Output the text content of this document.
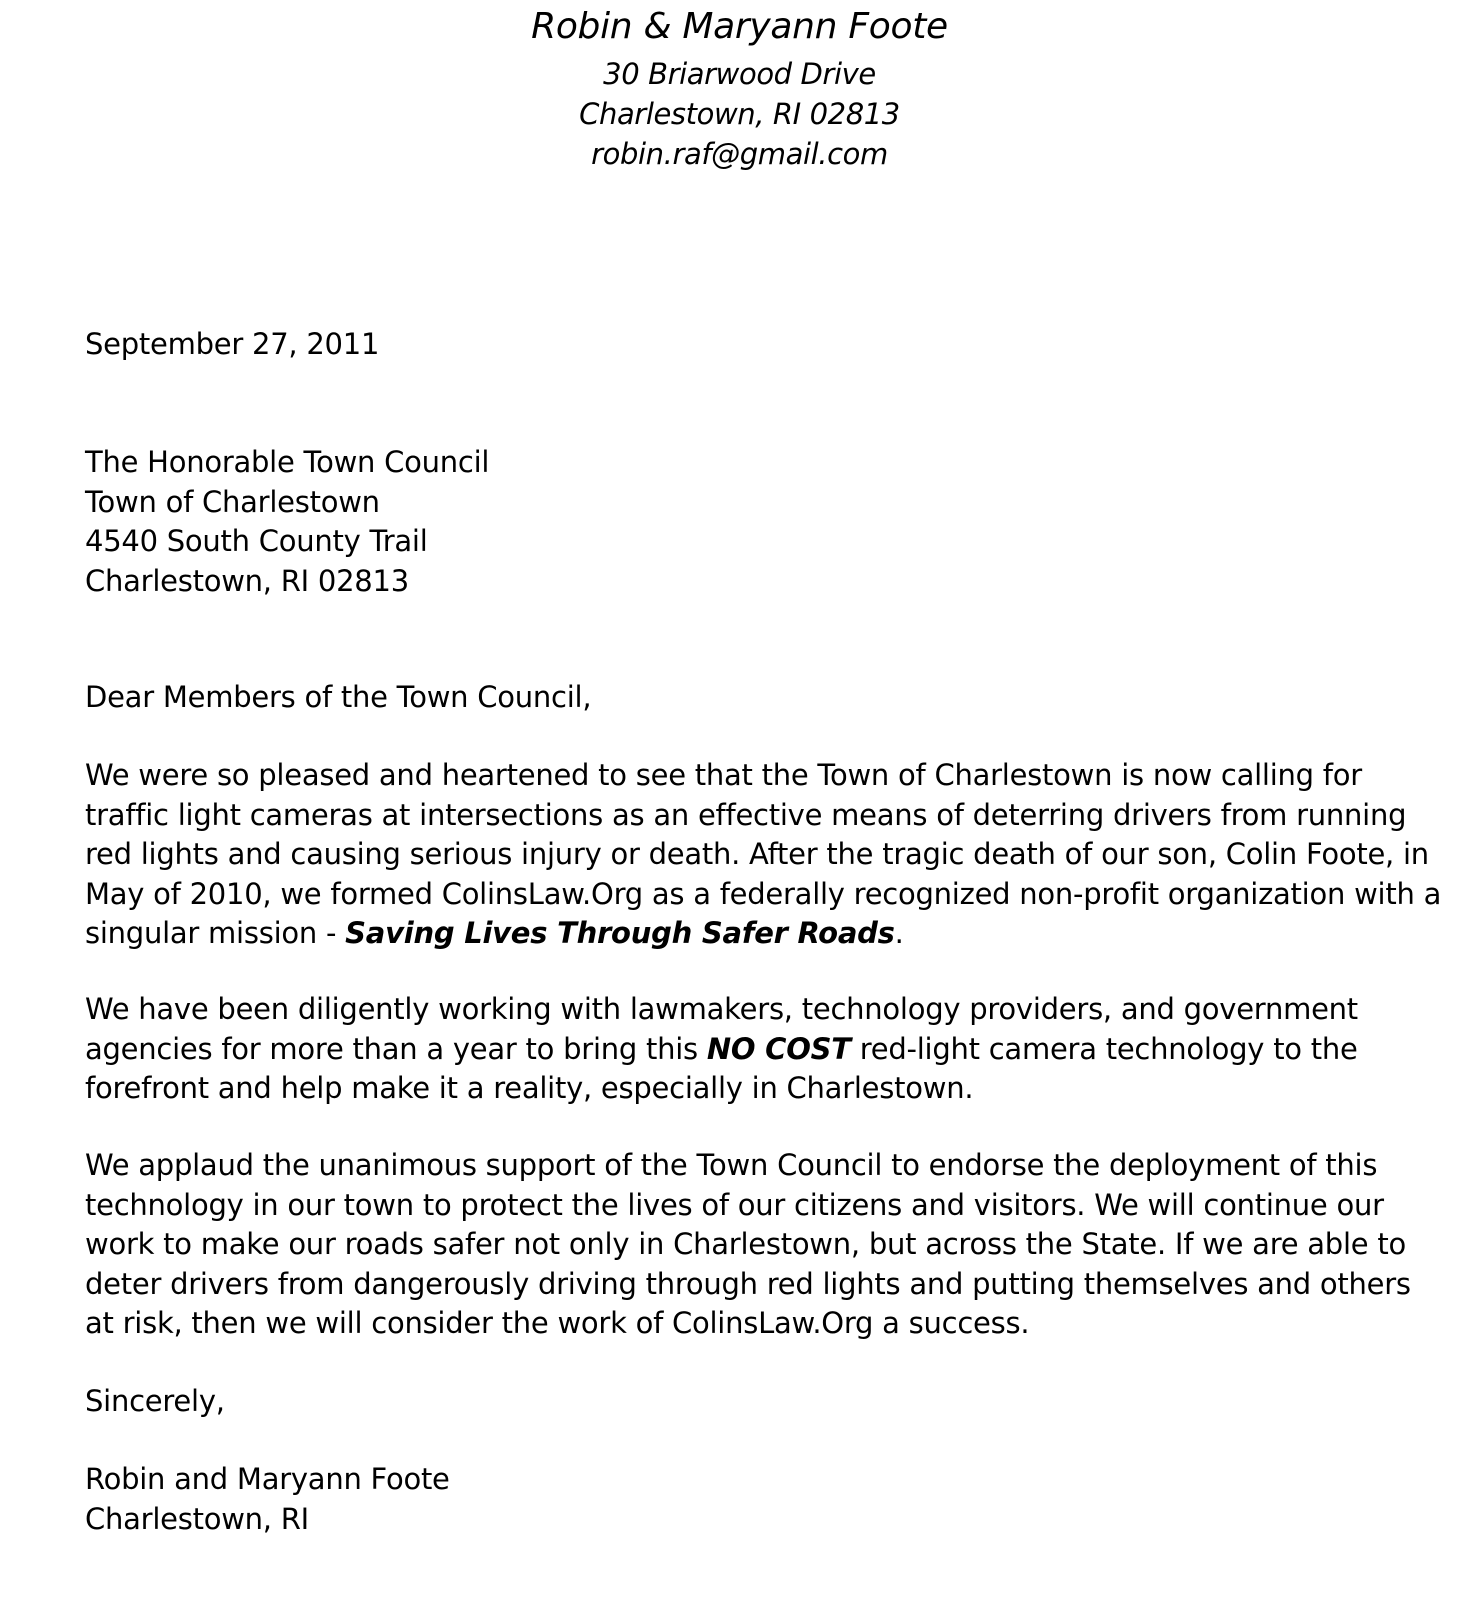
Robin & Maryann Foote
30 Briarwood Drive
Charlestown, RI 02813
robin.raf@gmail.com
September 27, 2011
The Honorable Town Council
Town of Charlestown
4540 South County Trail
Charlestown, RI 02813
Dear Members of the Town Council,
We were so pleased and heartened to see that the Town of Charlestown is now calling for traffic light cameras at intersections as an effective means of deterring drivers from running red lights and causing serious injury or death. After the tragic death of our son, Colin Foote, in May of 2010, we formed ColinsLaw.Org as a federally recognized non-profit organization with a singular mission - Saving Lives Through Safer Roads.
We have been diligently working with lawmakers, technology providers, and government agencies for more than a year to bring this NO COST red-light camera technology to the forefront and help make it a reality, especially in Charlestown.
We applaud the unanimous support of the Town Council to endorse the deployment of this technology in our town to protect the lives of our citizens and visitors. We will continue our work to make our roads safer not only in Charlestown, but across the State. If we are able to deter drivers from dangerously driving through red lights and putting themselves and others at risk, then we will consider the work of ColinsLaw.Org a success.
Sincerely,
Robin and Maryann Foote
Charlestown, RI
